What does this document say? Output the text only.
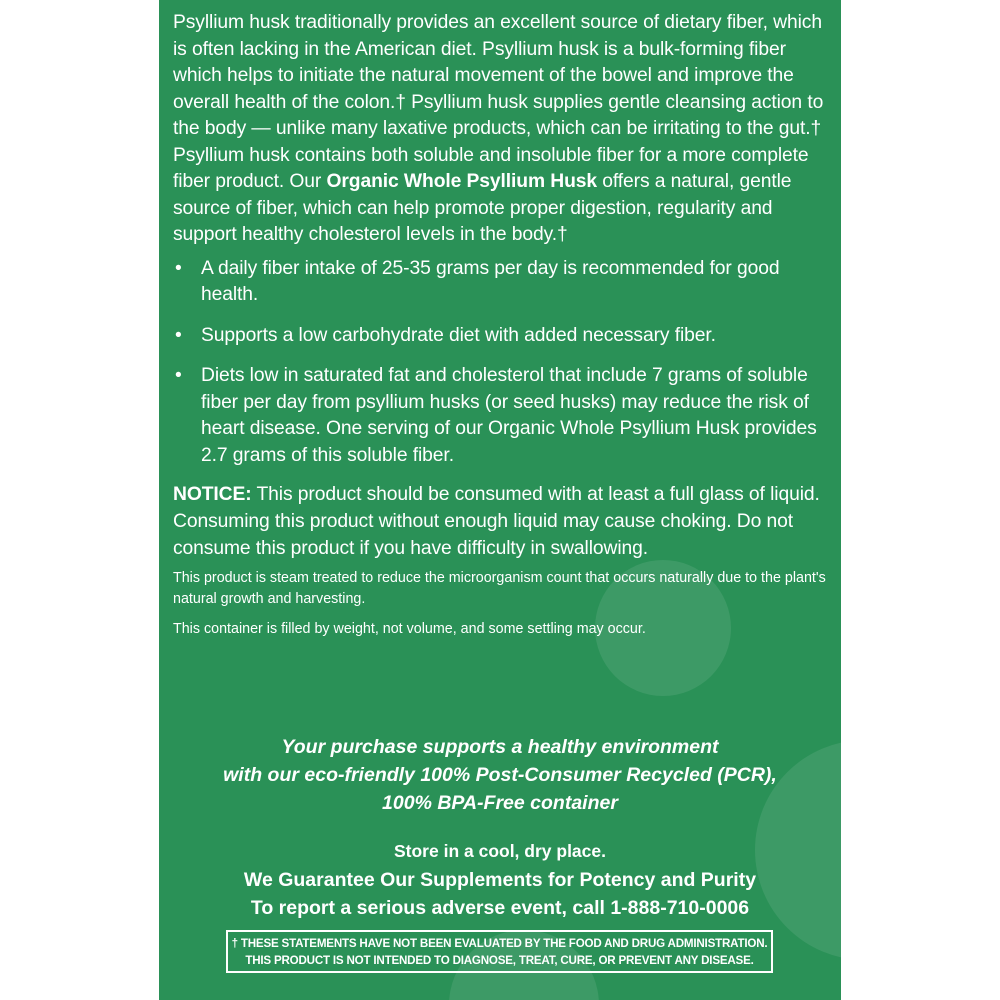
Psyllium husk traditionally provides an excellent source of dietary fiber, which is often lacking in the American diet. Psyllium husk is a bulk-forming fiber which helps to initiate the natural movement of the bowel and improve the overall health of the colon.† Psyllium husk supplies gentle cleansing action to the body — unlike many laxative products, which can be irritating to the gut.† Psyllium husk contains both soluble and insoluble fiber for a more complete fiber product. Our Organic Whole Psyllium Husk offers a natural, gentle source of fiber, which can help promote proper digestion, regularity and support healthy cholesterol levels in the body.†

• A daily fiber intake of 25-35 grams per day is recommended for good health.
• Supports a low carbohydrate diet with added necessary fiber.
• Diets low in saturated fat and cholesterol that include 7 grams of soluble fiber per day from psyllium husks (or seed husks) may reduce the risk of heart disease. One serving of our Organic Whole Psyllium Husk provides 2.7 grams of this soluble fiber.

NOTICE: This product should be consumed with at least a full glass of liquid. Consuming this product without enough liquid may cause choking. Do not consume this product if you have difficulty in swallowing.

This product is steam treated to reduce the microorganism count that occurs naturally due to the plant's natural growth and harvesting.

This container is filled by weight, not volume, and some settling may occur.

Your purchase supports a healthy environment
with our eco-friendly 100% Post-Consumer Recycled (PCR),
100% BPA-Free container
Store in a cool, dry place.
We Guarantee Our Supplements for Potency and Purity
To report a serious adverse event, call 1-888-710-0006
† THESE STATEMENTS HAVE NOT BEEN EVALUATED BY THE FOOD AND DRUG ADMINISTRATION.
THIS PRODUCT IS NOT INTENDED TO DIAGNOSE, TREAT, CURE, OR PREVENT ANY DISEASE.
